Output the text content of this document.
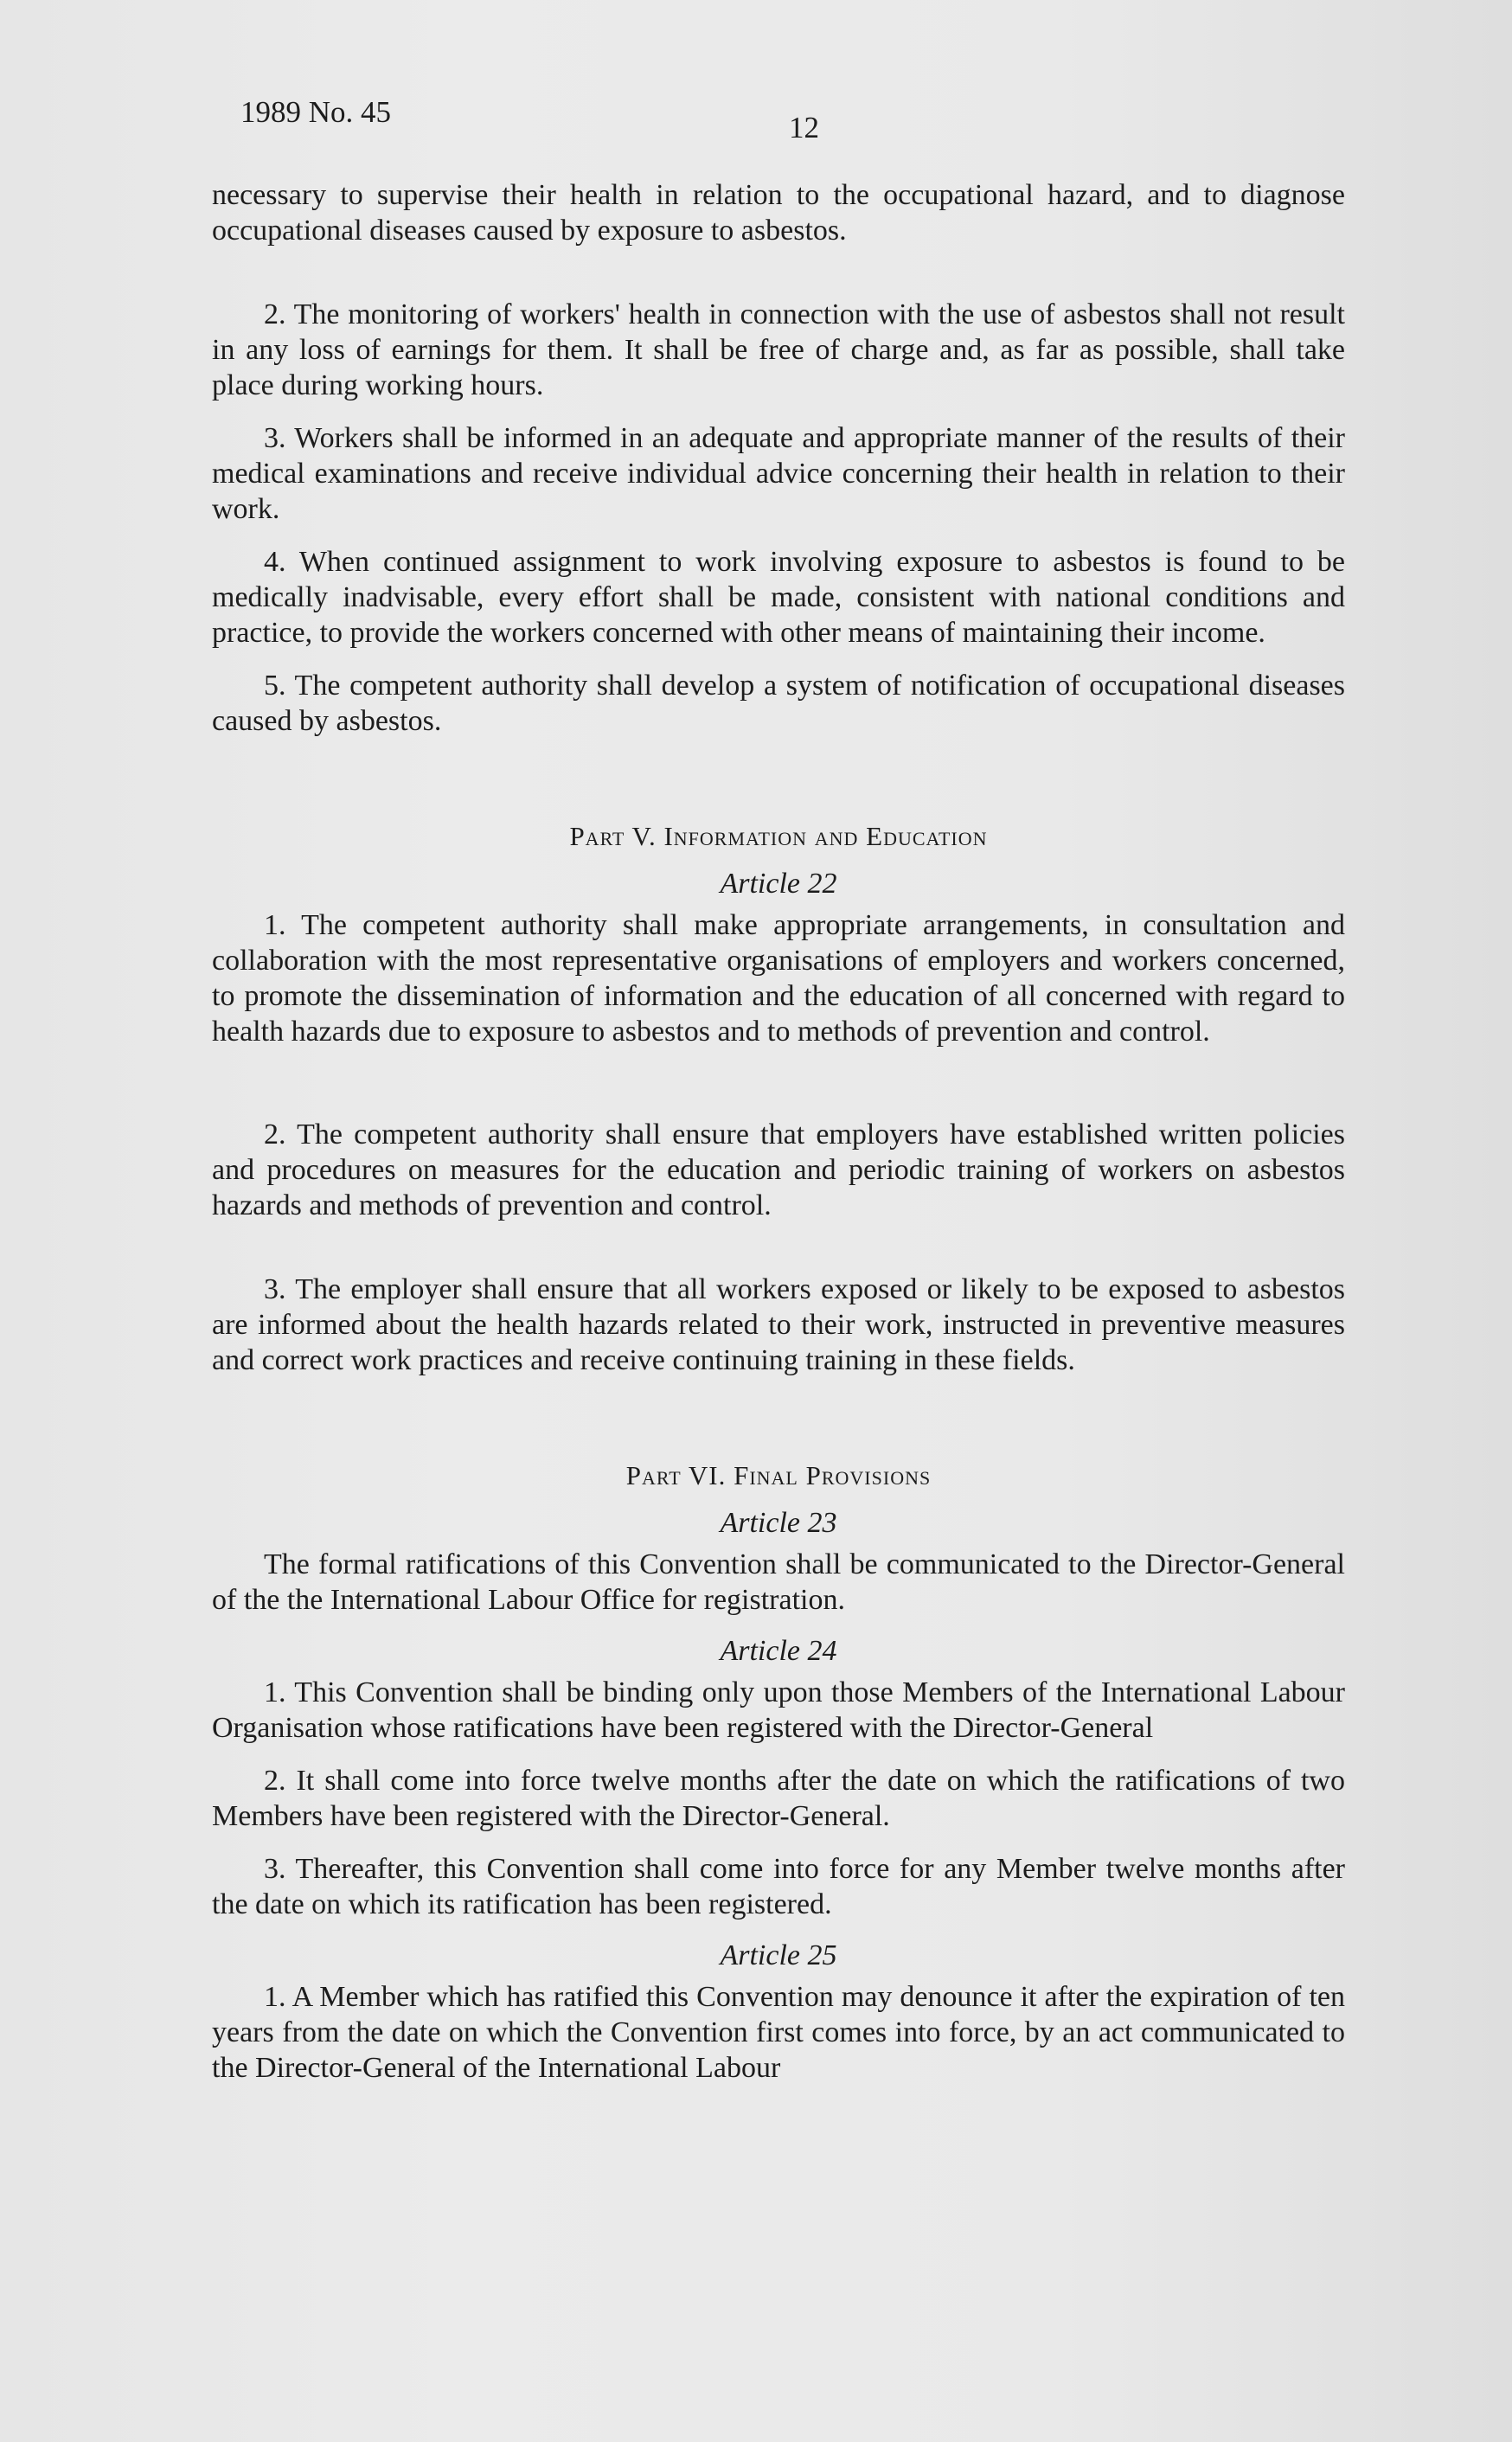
1989 No. 45	12

necessary to supervise their health in relation to the occupational hazard, and to diagnose occupational diseases caused by exposure to asbestos.

2. The monitoring of workers' health in connection with the use of asbestos shall not result in any loss of earnings for them. It shall be free of charge and, as far as possible, shall take place during working hours.

3. Workers shall be informed in an adequate and appropriate manner of the results of their medical examinations and receive individual advice concerning their health in relation to their work.

4. When continued assignment to work involving exposure to asbestos is found to be medically inadvisable, every effort shall be made, consistent with national conditions and practice, to provide the workers concerned with other means of maintaining their income.

5. The competent authority shall develop a system of notification of occupational diseases caused by asbestos.

Part V. Information and Education
Article 22

1. The competent authority shall make appropriate arrangements, in consultation and collaboration with the most representative organisations of employers and workers concerned, to promote the dissemination of information and the education of all concerned with regard to health hazards due to exposure to asbestos and to methods of prevention and control.

2. The competent authority shall ensure that employers have established written policies and procedures on measures for the education and periodic training of workers on asbestos hazards and methods of prevention and control.

3. The employer shall ensure that all workers exposed or likely to be exposed to asbestos are informed about the health hazards related to their work, instructed in preventive measures and correct work practices and receive continuing training in these fields.

Part VI. Final Provisions
Article 23

The formal ratifications of this Convention shall be communicated to the Director-General of the the International Labour Office for registration.

Article 24

1. This Convention shall be binding only upon those Members of the International Labour Organisation whose ratifications have been registered with the Director-General

2. It shall come into force twelve months after the date on which the ratifications of two Members have been registered with the Director-General.

3. Thereafter, this Convention shall come into force for any Member twelve months after the date on which its ratification has been registered.

Article 25

1. A Member which has ratified this Convention may denounce it after the expiration of ten years from the date on which the Convention first comes into force, by an act communicated to the Director-General of the International Labour
